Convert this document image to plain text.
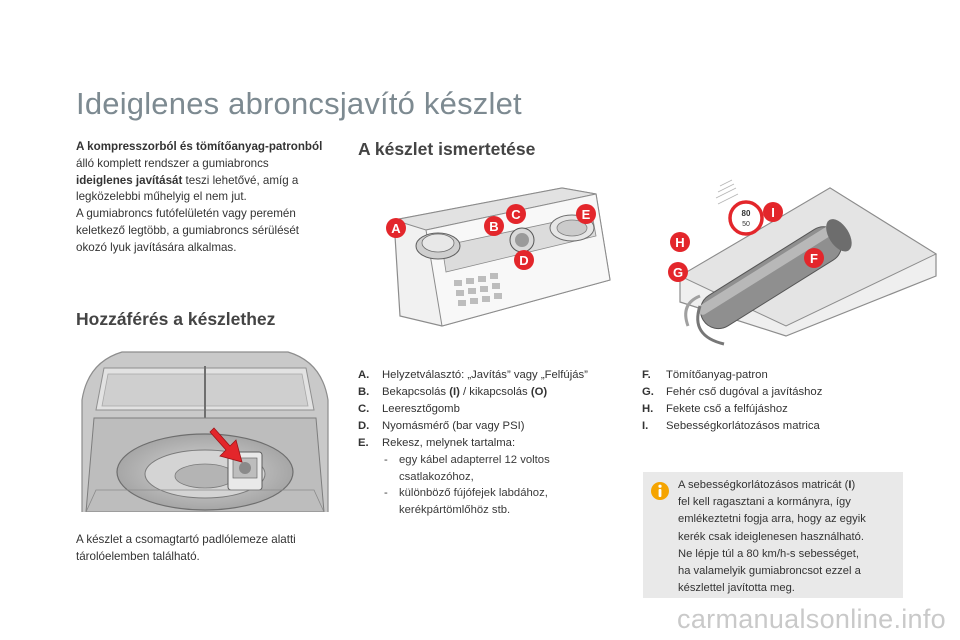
Ideiglenes abroncsjavító készlet
A kompresszorból és tömítőanyag-patronból
álló komplett rendszer a gumiabroncs
ideiglenes javítását teszi lehetővé, amíg a
legközelebbi műhelyig el nem jut.
A gumiabroncs futófelületén vagy peremén
keletkező legtöbb, a gumiabroncs sérülését
okozó lyuk javítására alkalmas.
Hozzáférés a készlethez
A készlet a csomagtartó padlólemeze alatti
tárolóelemben található.
A készlet ismertetése
A	B
C
D
E	80
50
I
H
F
G
A.	Helyzetválasztó: „Javítás” vagy „Felfújás”
B.	Bekapcsolás (I) / kikapcsolás (O)
C.	Leeresztőgomb
D.	Nyomásmérő (bar vagy PSI)
E.	Rekesz, melynek tartalma:
- egy kábel adapterrel 12 voltos
csatlakozóhoz,
- különböző fújófejek labdához,
kerékpártömlőhöz stb.
F.	Tömítőanyag-patron
G.	Fehér cső dugóval a javításhoz
H.	Fekete cső a felfújáshoz
I.	Sebességkorlátozásos matrica
A sebességkorlátozásos matricát (I)
fel kell ragasztani a kormányra, így
emlékeztetni fogja arra, hogy az egyik
kerék csak ideiglenesen használható.
Ne lépje túl a 80 km/h-s sebességet,
ha valamelyik gumiabroncsot ezzel a
készlettel javította meg.
carmanualsonline.info
